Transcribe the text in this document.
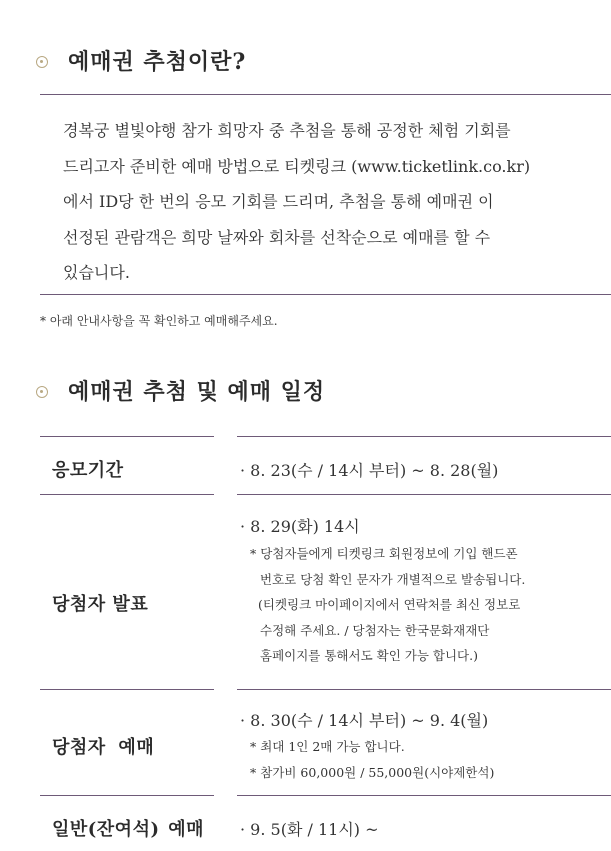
예매권 추첨이란?

경복궁 별빛야행 참가 희망자 중 추첨을 통해 공정한 체험 기회를
드리고자 준비한 예매 방법으로 티켓링크 (www.ticketlink.co.kr)
에서 ID당 한 번의 응모 기회를 드리며, 추첨을 통해 예매권 이
선정된 관람객은 희망 날짜와 회차를 선착순으로 예매를 할 수
있습니다.

* 아래 안내사항을 꼭 확인하고 예매해주세요.
예매권 추첨 및 예매 일정
응모기간	· 8. 23(수 / 14시 부터) ~ 8. 28(월)
당첨자 발표
· 8. 29(화) 14시

* 당첨자들에게 티켓링크 회원정보에 기입 핸드폰
번호로 당첨 확인 문자가 개별적으로 발송됩니다.
(티켓링크 마이페이지에서 연락처를 최신 정보로
수정해 주세요. / 당첨자는 한국문화재재단
홈페이지를 통해서도 확인 가능 합니다.)

당첨자 예매
· 8. 30(수 / 14시 부터) ~ 9. 4(월)

* 최대 1인 2매 가능 합니다.
* 참가비 60,000원 / 55,000원(시야제한석)

일반(잔여석) 예매 · 9. 5(화 / 11시) ~
